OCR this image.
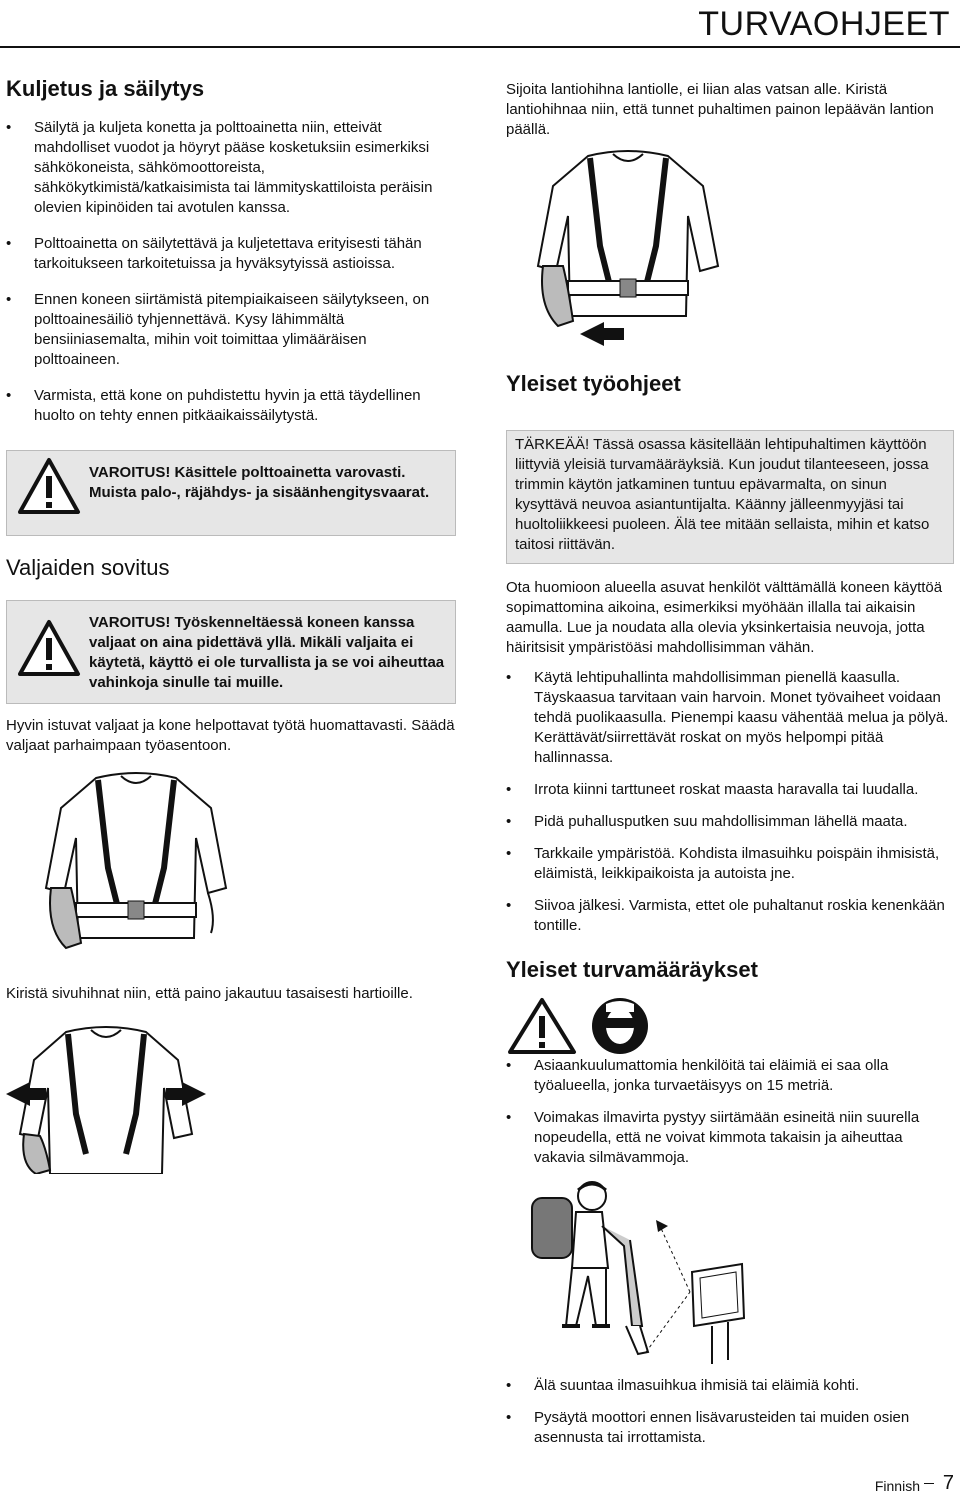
TURVAOHJEET
Kuljetus ja säilytys
• Säilytä ja kuljeta konetta ja polttoainetta niin, etteivät mahdolliset vuodot ja höyryt pääse kosketuksiin esimerkiksi sähkökoneista, sähkömoottoreista, sähkökytkimistä/katkaisimista tai lämmityskattiloista peräisin olevien kipinöiden tai avotulen kanssa.
• Polttoainetta on säilytettävä ja kuljetettava erityisesti tähän tarkoitukseen tarkoitetuissa ja hyväksytyissä astioissa.
• Ennen koneen siirtämistä pitempiaikaiseen säilytykseen, on polttoainesäiliö tyhjennettävä. Kysy lähimmältä bensiiniasemalta, mihin voit toimittaa ylimääräisen polttoaineen.
• Varmista, että kone on puhdistettu hyvin ja että täydellinen huolto on tehty ennen pitkäaikaissäilytystä.
VAROITUS! Käsittele polttoainetta varovasti. Muista palo-, räjähdys- ja sisäänhengitysvaarat.
Valjaiden sovitus
VAROITUS! Työskenneltäessä koneen kanssa valjaat on aina pidettävä yllä. Mikäli valjaita ei käytetä, käyttö ei ole turvallista ja se voi aiheuttaa vahinkoja sinulle tai muille.
Hyvin istuvat valjaat ja kone helpottavat työtä huomattavasti. Säädä valjaat parhaimpaan työasentoon.
Kiristä sivuhihnat niin, että paino jakautuu tasaisesti hartioille.
Sijoita lantiohihna lantiolle, ei liian alas vatsan alle. Kiristä lantiohihnaa niin, että tunnet puhaltimen painon lepäävän lantion päällä.
Yleiset työohjeet
TÄRKEÄÄ! Tässä osassa käsitellään lehtipuhaltimen käyttöön liittyviä yleisiä turvamääräyksiä. Kun joudut tilanteeseen, jossa trimmin käytön jatkaminen tuntuu epävarmalta, on sinun kysyttävä neuvoa asiantuntijalta. Käänny jälleenmyyjäsi tai huoltoliikkeesi puoleen. Älä tee mitään sellaista, mihin et katso taitosi riittävän.
Ota huomioon alueella asuvat henkilöt välttämällä koneen käyttöä sopimattomina aikoina, esimerkiksi myöhään illalla tai aikaisin aamulla. Lue ja noudata alla olevia yksinkertaisia neuvoja, jotta häiritsisit ympäristöäsi mahdollisimman vähän.
• Käytä lehtipuhallinta mahdollisimman pienellä kaasulla. Täyskaasua tarvitaan vain harvoin. Monet työvaiheet voidaan tehdä puolikaasulla. Pienempi kaasu vähentää melua ja pölyä. Kerättävät/siirrettävät roskat on myös helpompi pitää hallinnassa.
• Irrota kiinni tarttuneet roskat maasta haravalla tai luudalla.
• Pidä puhallusputken suu mahdollisimman lähellä maata.
• Tarkkaile ympäristöä. Kohdista ilmasuihku poispäin ihmisistä, eläimistä, leikkipaikoista ja autoista jne.
• Siivoa jälkesi. Varmista, ettet ole puhaltanut roskia kenenkään tontille.
Yleiset turvamääräykset
• Asiaankuulumattomia henkilöitä tai eläimiä ei saa olla työalueella, jonka turvaetäisyys on 15 metriä.
• Voimakas ilmavirta pystyy siirtämään esineitä niin suurella nopeudella, että ne voivat kimmota takaisin ja aiheuttaa vakavia silmävammoja.
• Älä suuntaa ilmasuihkua ihmisiä tai eläimiä kohti.
• Pysäytä moottori ennen lisävarusteiden tai muiden osien asennusta tai irrottamista.
Finnish 7
